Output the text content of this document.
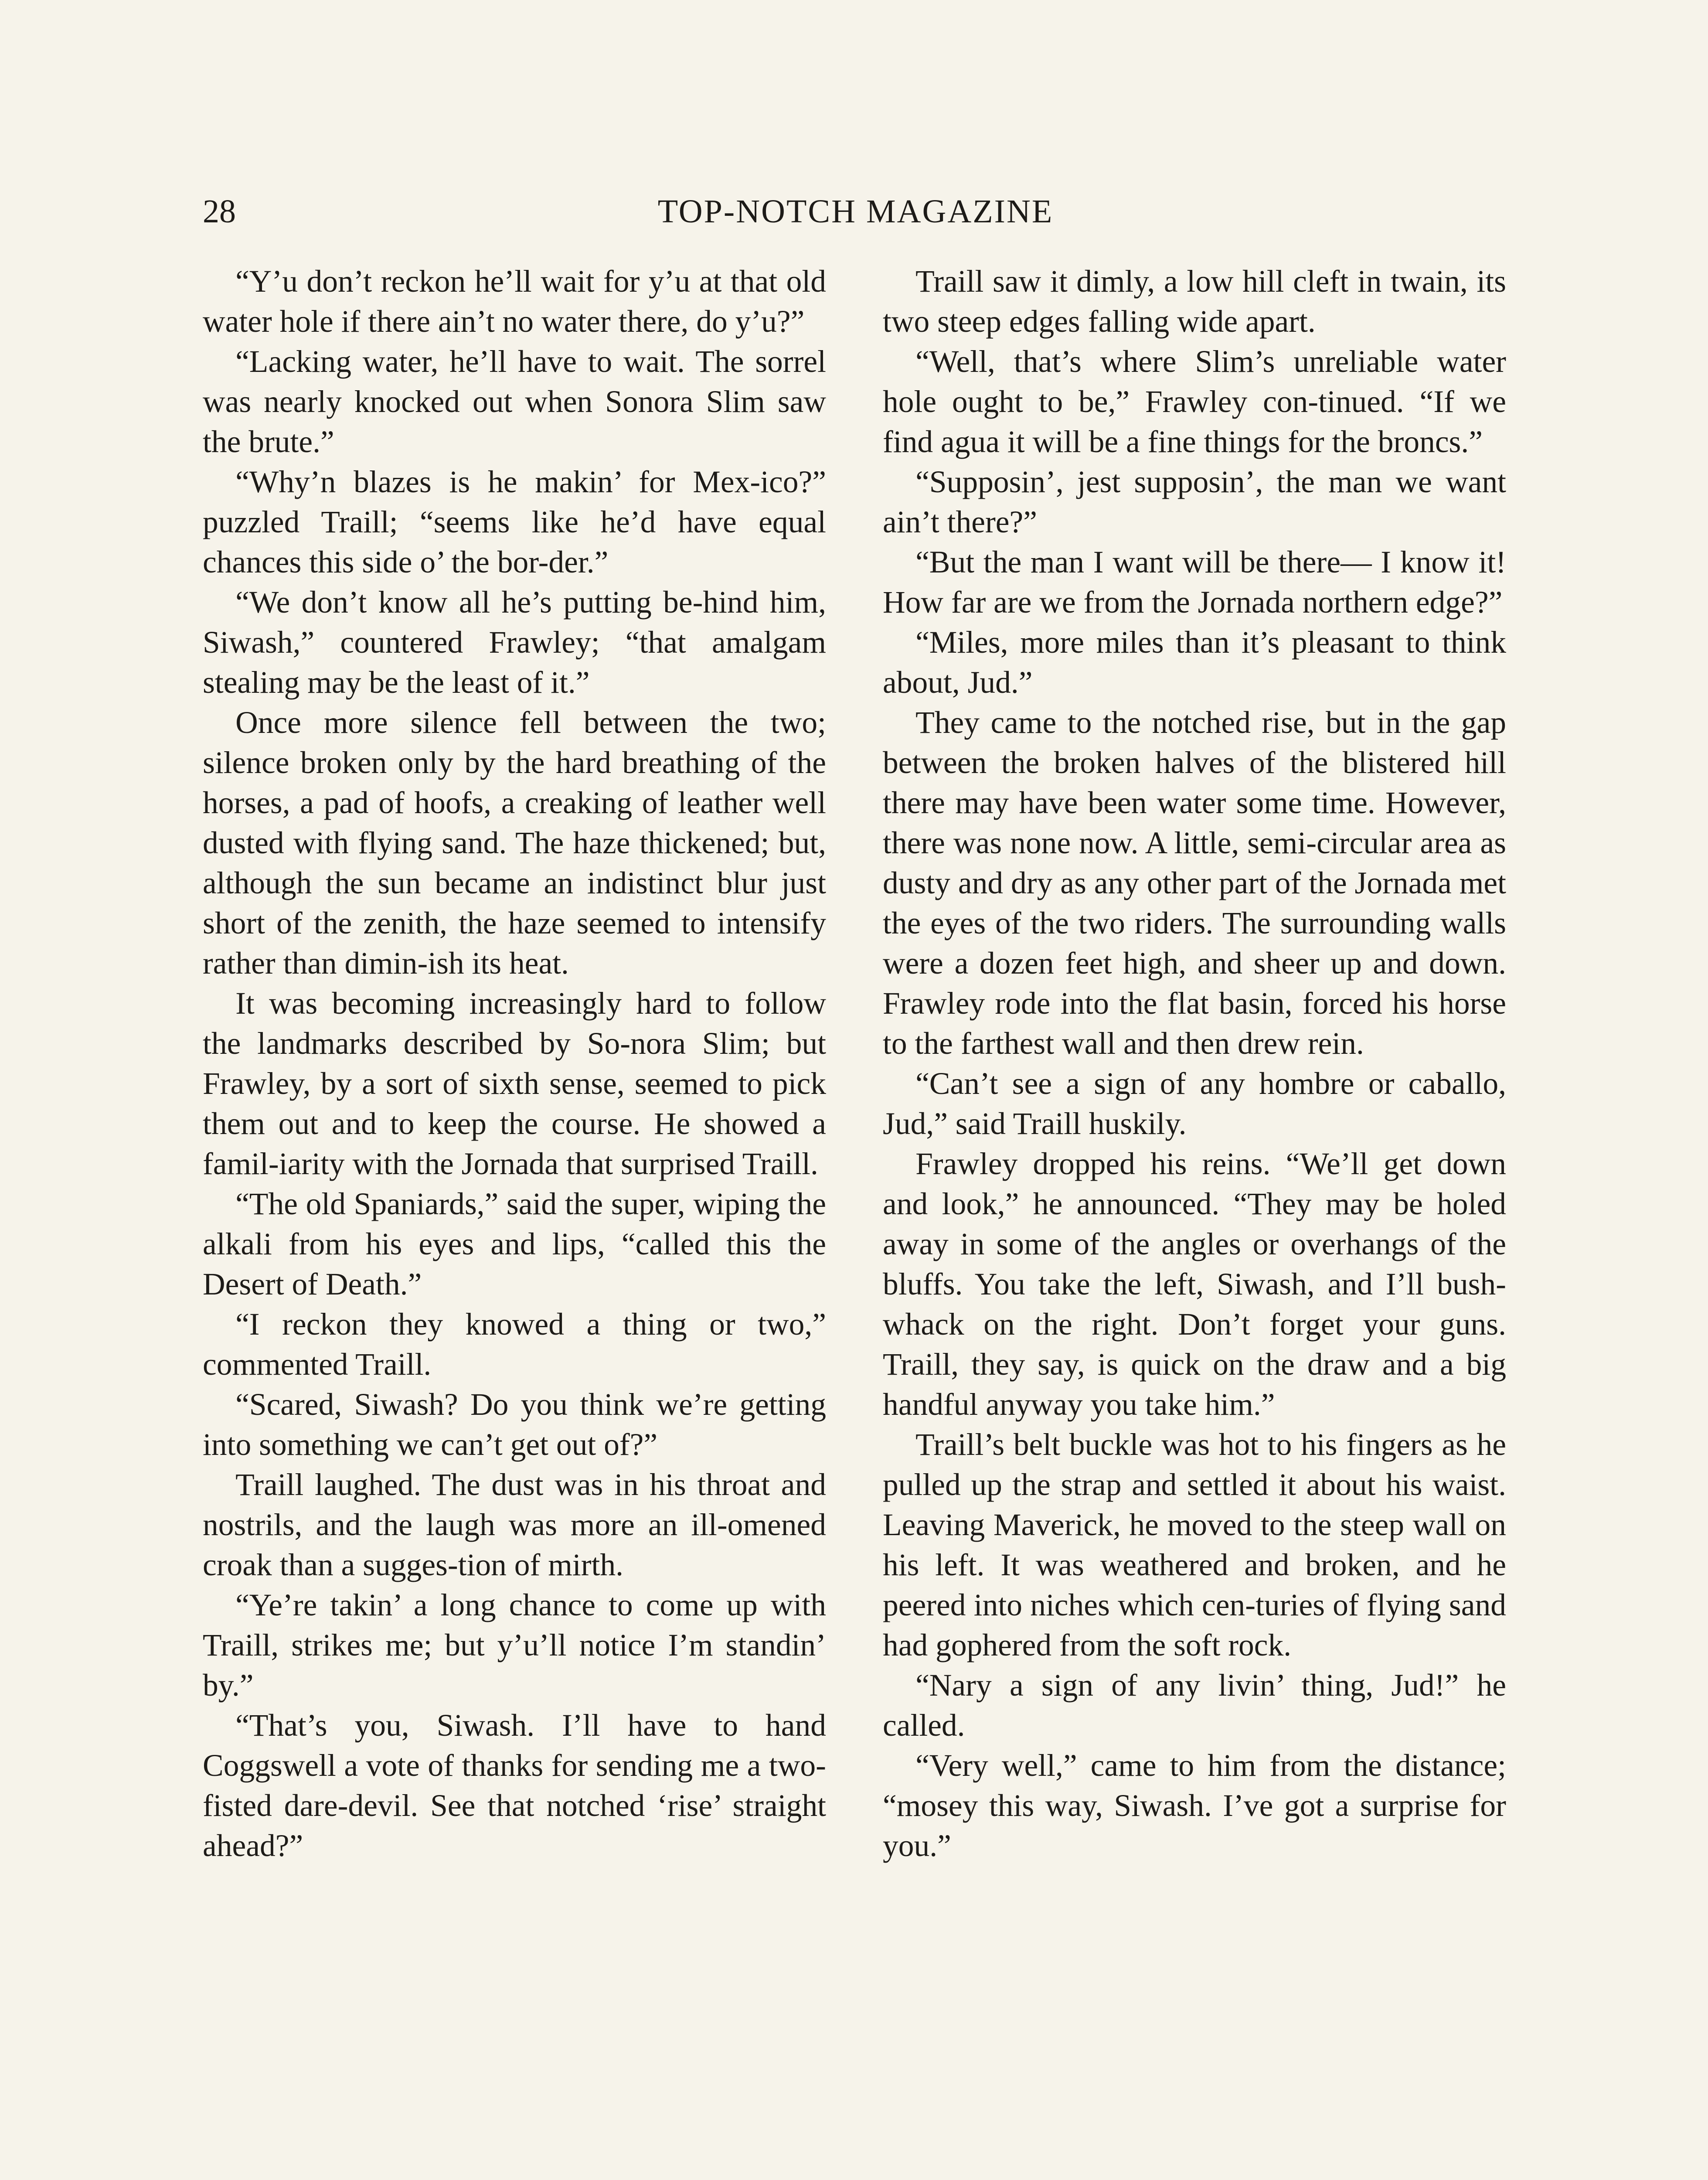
28	TOP-NOTCH MAGAZINE

“Y’u don’t reckon he’ll wait for y’u at that old water hole if there ain’t no water there, do y’u?”

“Lacking water, he’ll have to wait. The sorrel was nearly knocked out when Sonora Slim saw the brute.”

“Why’n blazes is he makin’ for Mex-ico?” puzzled Traill; “seems like he’d have equal chances this side o’ the bor-der.”

“We don’t know all he’s putting be-hind him, Siwash,” countered Frawley; “that amalgam stealing may be the least of it.”

Once more silence fell between the two; silence broken only by the hard breathing of the horses, a pad of hoofs, a creaking of leather well dusted with flying sand. The haze thickened; but, although the sun became an indistinct blur just short of the zenith, the haze seemed to intensify rather than dimin-ish its heat.

It was becoming increasingly hard to follow the landmarks described by So-nora Slim; but Frawley, by a sort of sixth sense, seemed to pick them out and to keep the course. He showed a famil-iarity with the Jornada that surprised Traill.

“The old Spaniards,” said the super, wiping the alkali from his eyes and lips, “called this the Desert of Death.”

“I reckon they knowed a thing or two,” commented Traill.

“Scared, Siwash? Do you think we’re getting into something we can’t get out of?”

Traill laughed. The dust was in his throat and nostrils, and the laugh was more an ill-omened croak than a sugges-tion of mirth.

“Ye’re takin’ a long chance to come up with Traill, strikes me; but y’u’ll notice I’m standin’ by.”

“That’s you, Siwash. I’ll have to hand Coggswell a vote of thanks for sending me a two-fisted dare-devil. See that notched ‘rise’ straight ahead?”

Traill saw it dimly, a low hill cleft in twain, its two steep edges falling wide apart.

“Well, that’s where Slim’s unreliable water hole ought to be,” Frawley con-tinued. “If we find agua it will be a fine things for the broncs.”

“Supposin’, jest supposin’, the man we want ain’t there?”

“But the man I want will be there— I know it! How far are we from the Jornada northern edge?”

“Miles, more miles than it’s pleasant to think about, Jud.”

They came to the notched rise, but in the gap between the broken halves of the blistered hill there may have been water some time. However, there was none now. A little, semi-circular area as dusty and dry as any other part of the Jornada met the eyes of the two riders. The surrounding walls were a dozen feet high, and sheer up and down. Frawley rode into the flat basin, forced his horse to the farthest wall and then drew rein.

“Can’t see a sign of any hombre or caballo, Jud,” said Traill huskily.

Frawley dropped his reins. “We’ll get down and look,” he announced. “They may be holed away in some of the angles or overhangs of the bluffs. You take the left, Siwash, and I’ll bush-whack on the right. Don’t forget your guns. Traill, they say, is quick on the draw and a big handful anyway you take him.”

Traill’s belt buckle was hot to his fingers as he pulled up the strap and settled it about his waist. Leaving Maverick, he moved to the steep wall on his left. It was weathered and broken, and he peered into niches which cen-turies of flying sand had gophered from the soft rock.

“Nary a sign of any livin’ thing, Jud!” he called.

“Very well,” came to him from the distance; “mosey this way, Siwash. I’ve got a surprise for you.”
